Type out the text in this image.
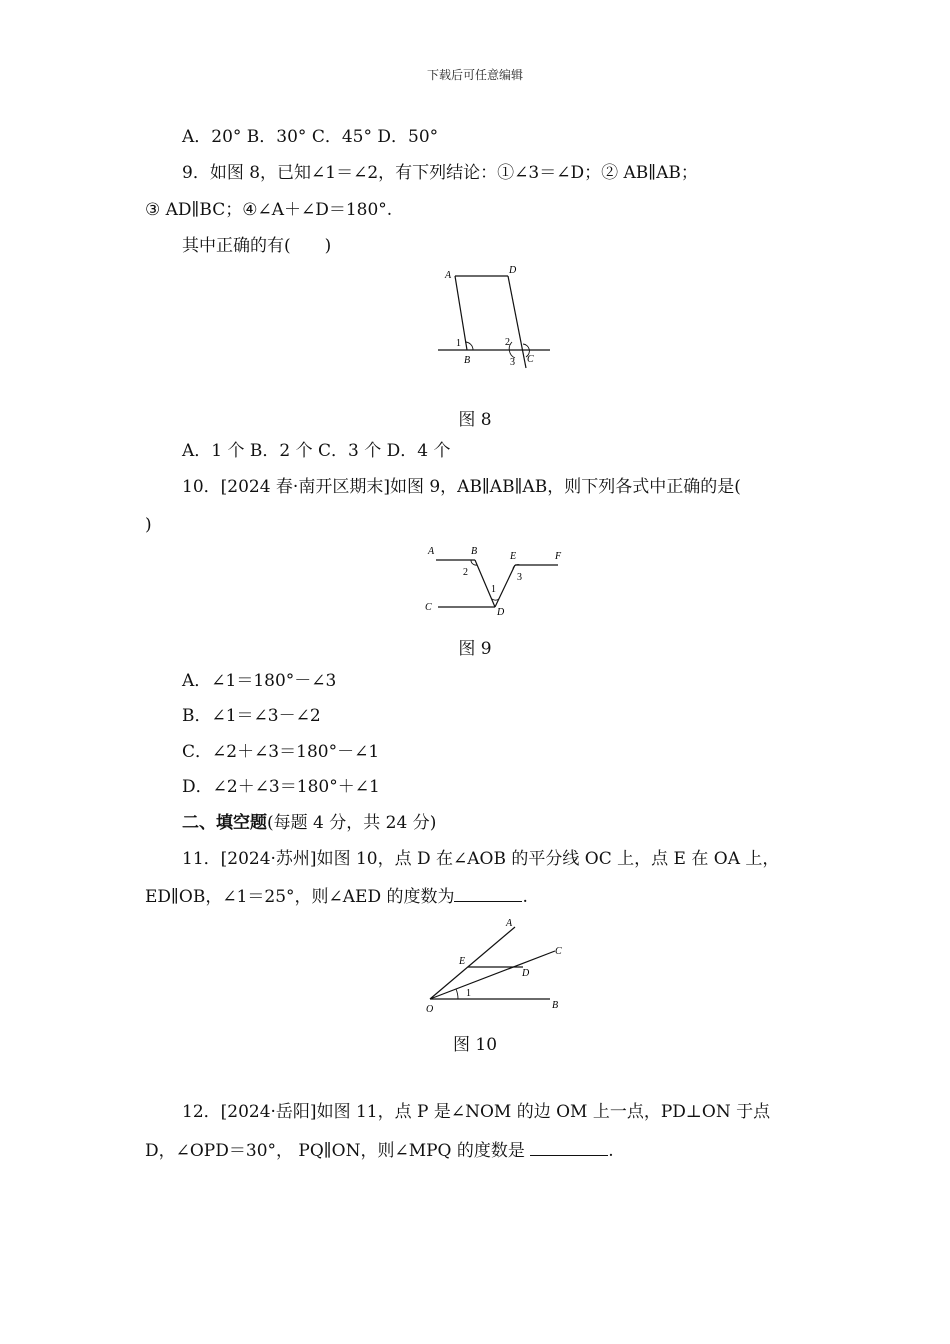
下载后可任意编辑
A．20° B．30° C．45° D．50°
9．如图 8，已知∠1＝∠2，有下列结论：①∠3＝∠D；② AB∥AB；
③ AD∥BC；④∠A＋∠D＝180°.
其中正确的有(　　)
A	D
B	C
1	2
3
图 8
A．1 个 B．2 个 C．3 个 D．4 个
10．[2024 春·南开区期末]如图 9，AB∥AB∥AB，则下列各式中正确的是(
)
A	B	E	F
C	D
2
1
3
图 9
A．∠1＝180°－∠3
B．∠1＝∠3－∠2
C．∠2＋∠3＝180°－∠1
D．∠2＋∠3＝180°＋∠1
二、填空题(每题 4 分，共 24 分)
11．[2024·苏州]如图 10，点 D 在∠AOB 的平分线 OC 上，点 E 在 OA 上，
ED∥OB，∠1＝25°，则∠AED 的度数为	.
A
C
E
D
O	B
1
图 10
12．[2024·岳阳]如图 11，点 P 是∠NOM 的边 OM 上一点，PD⊥ON 于点
D，∠OPD＝30°， PQ∥ON，则∠MPQ 的度数是	.
